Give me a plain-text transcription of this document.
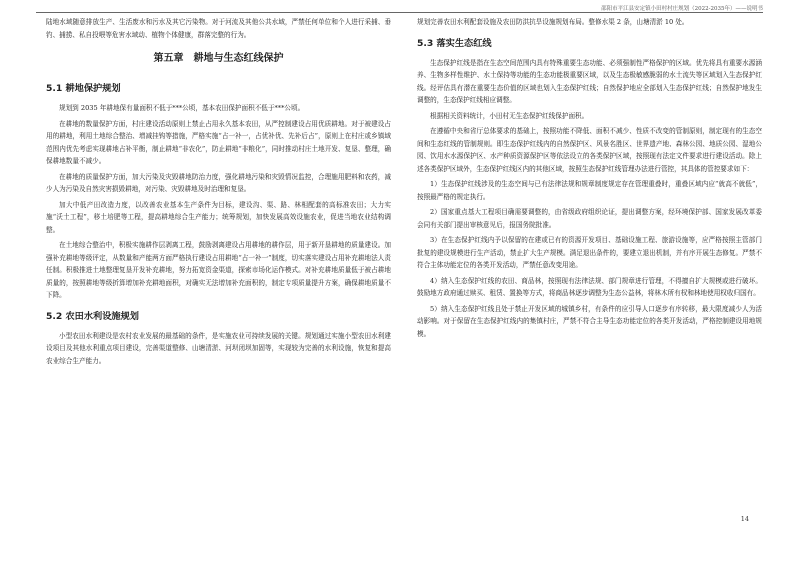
邵阳市平江县安定镇小田村村庄规划（2022-2035年）——说明书

陆地水域随意排放生产、生活废水和污水及其它污染物。对于河流及其他公共水域，严禁任何单位和个人进行采捕、垂钓、捕捞、私自投喂等危害水域动、植物个体健康，群落完整的行为。

第五章　耕地与生态红线保护
5.1 耕地保护规划

规划到 2035 年耕地保有量面积不低于***公顷，基本农田保护面积不低于***公顷。

在耕地的数量保护方面，村庄建设活动原则上禁止占用永久基本农田，从严控制建设占用优质耕地。对于被建设占用的耕地，利用土地综合整治、增减挂钩等措施，严格实施“占一补一，占优补优、先补后占”，原则上在村庄或乡镇域范围内优先考虑实现耕地占补平衡，制止耕地“非农化”，防止耕地“非粮化”，同时推动村庄土地开发、复垦、整理，确保耕地数量不减少。

在耕地的质量保护方面，加大污染及灾毁耕地防治力度，强化耕地污染和灾毁情况监控，合理施用肥料和农药，减少人为污染及自然灾害损毁耕地，对污染、灾毁耕地及时治理和复垦。

加大中低产田改造力度，以改善农业基本生产条件为目标，建设沟、渠、路、林相配套的高标准农田；大力实施“沃土工程”，移土培肥等工程，提高耕地综合生产能力；统筹规划，加快发展高效设施农业，促进当地农业结构调整。

在土地综合整治中，积极实施耕作层剥离工程，鼓励剥离建设占用耕地的耕作层，用于新开垦耕地的质量建设。加强补充耕地等级评定，从数量和产能两方面严格执行建设占用耕地“占一补一”制度，切实落实建设占用补充耕地法人责任制。积极推进土地整理复垦开发补充耕地，努力拓宽资金渠道，探索市场化运作模式。对补充耕地质量低于被占耕地质量的，按照耕地等级折算增加补充耕地面积，对确实无法增加补充面积的，制定专项质量提升方案，确保耕地质量不下降。

5.2 农田水利设施规划

小型农田水利建设是农村农业发展的最基础的条件，是实施农业可持续发展的关键。规划通过实施小型农田水利建设项目及其他水利重点项目建设，完善渠道整修、山塘清淤、河坝闭坝加固等，实现较为完善的水利设施，恢复和提高农业综合生产能力。

规划完善农田水利配套设施及农田防洪抗旱设施规划布局。整修水渠 2 条，山塘清淤 10 处。

5.3 落实生态红线

生态保护红线是指在生态空间范围内具有特殊重要生态功能、必须强制性严格保护的区域。优先将具有重要水源涵养、生物多样性维护、水土保持等功能的生态功能极重要区域，以及生态极敏感脆弱的水土流失等区域划入生态保护红线。经评估具有潜在重要生态价值的区域也划入生态保护红线；自然保护地应全部划入生态保护红线；自然保护地发生调整的，生态保护红线相应调整。

根据相关资料统计，小田村无生态保护红线保护面积。

在遵循中央和省厅总体要求的基础上，按照功能不降低、面积不减少、性质不改变的管制原则，制定现有的生态空间和生态红线的管制规则。即生态保护红线内的自然保护区、风景名胜区、世界遗产地、森林公园、地质公园、湿地公园、饮用水水源保护区、水产种质资源保护区等依法设立的各类保护区域，按照现有法定文件要求进行建设活动。除上述各类保护区域外，生态保护红线区内的其他区域，按照生态保护红线管理办法进行管控，其具体的管控要求如下：

1）生态保护红线涉及的生态空间与已有法律法规和规章制度规定存在管理重叠时，重叠区域内应“就高不就低”，按照最严格的规定执行。

2）国家重点基大工程项目确需要调整的，由省级政府组织论证，提出调整方案，经环境保护部、国家发展改革委会同有关部门提出审核意见后，报国务院批准。

3）在生态保护红线内予以保留的在建或已有的资源开发项目、基础设施工程、旅游设施等，应严格按照主管部门批复的建设规模进行生产活动，禁止扩大生产规模。满足退出条件的，要建立退出机制，并有序开展生态修复。严禁不符合主体功能定位的各类开发活动，严禁任意改变用途。

4）纳入生态保护红线的农田、商品林，按照现有法律法规、部门规章进行管理，不得擅自扩大规模或进行破坏。鼓励地方政府通过赎买、租赁、置换等方式，将商品林逐步调整为生态公益林，将林木所有权和林地使用权收归国有。

5）纳入生态保护红线且处于禁止开发区域的城镇乡村，有条件的应引导人口逐步有序转移，最大限度减少人为活动影响。对于保留在生态保护红线内的集镇村庄，严禁不符合主导生态功能定位的各类开发活动，严格控制建设用地规模。

14
